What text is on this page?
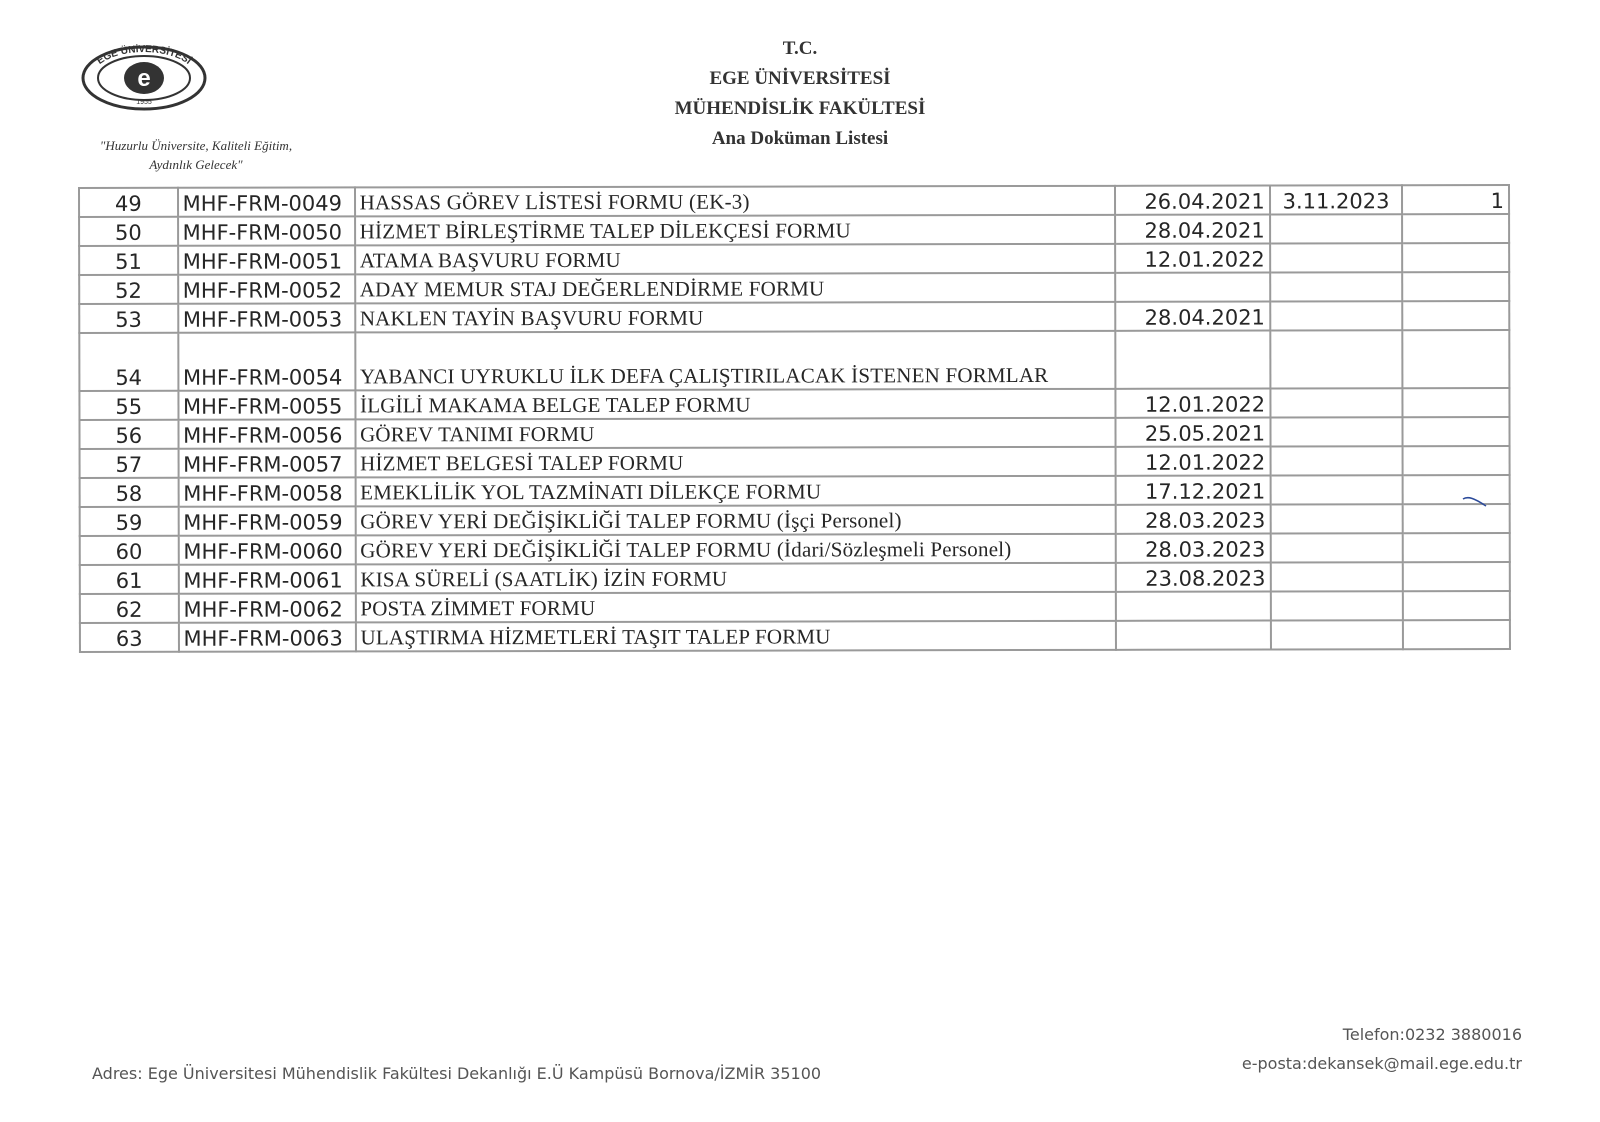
e
EGE ÜNİVERSİTESİ
1955
"Huzurlu Üniversite, Kaliteli Eğitim,
Aydınlık Gelecek"
T.C.
EGE ÜNİVERSİTESİ
MÜHENDİSLİK FAKÜLTESİ
Ana Doküman Listesi
49	MHF-FRM-0049	HASSAS GÖREV LİSTESİ FORMU (EK-3)	26.04.2021	3.11.2023	1
50	MHF-FRM-0050	HİZMET BİRLEŞTİRME TALEP DİLEKÇESİ FORMU	28.04.2021		
51	MHF-FRM-0051	ATAMA BAŞVURU FORMU	12.01.2022		
52	MHF-FRM-0052	ADAY MEMUR STAJ DEĞERLENDİRME FORMU			
53	MHF-FRM-0053	NAKLEN TAYİN BAŞVURU FORMU	28.04.2021		
54	MHF-FRM-0054	YABANCI UYRUKLU İLK DEFA ÇALIŞTIRILACAK İSTENEN FORMLAR			
55	MHF-FRM-0055	İLGİLİ MAKAMA BELGE TALEP FORMU	12.01.2022		
56	MHF-FRM-0056	GÖREV TANIMI FORMU	25.05.2021		
57	MHF-FRM-0057	HİZMET BELGESİ TALEP FORMU	12.01.2022		
58	MHF-FRM-0058	EMEKLİLİK YOL TAZMİNATI DİLEKÇE FORMU	17.12.2021		
59	MHF-FRM-0059	GÖREV YERİ DEĞİŞİKLİĞİ TALEP FORMU (İşçi Personel)	28.03.2023		
60	MHF-FRM-0060	GÖREV YERİ DEĞİŞİKLİĞİ TALEP FORMU (İdari/Sözleşmeli Personel)	28.03.2023		
61	MHF-FRM-0061	KISA SÜRELİ (SAATLİK) İZİN FORMU	23.08.2023		
62	MHF-FRM-0062	POSTA ZİMMET FORMU			
63	MHF-FRM-0063	ULAŞTIRMA HİZMETLERİ TAŞIT TALEP FORMU			
Telefon:0232 3880016
e-posta:dekansek@mail.ege.edu.tr
Adres: Ege Üniversitesi Mühendislik Fakültesi Dekanlığı E.Ü Kampüsü Bornova/İZMİR 35100
